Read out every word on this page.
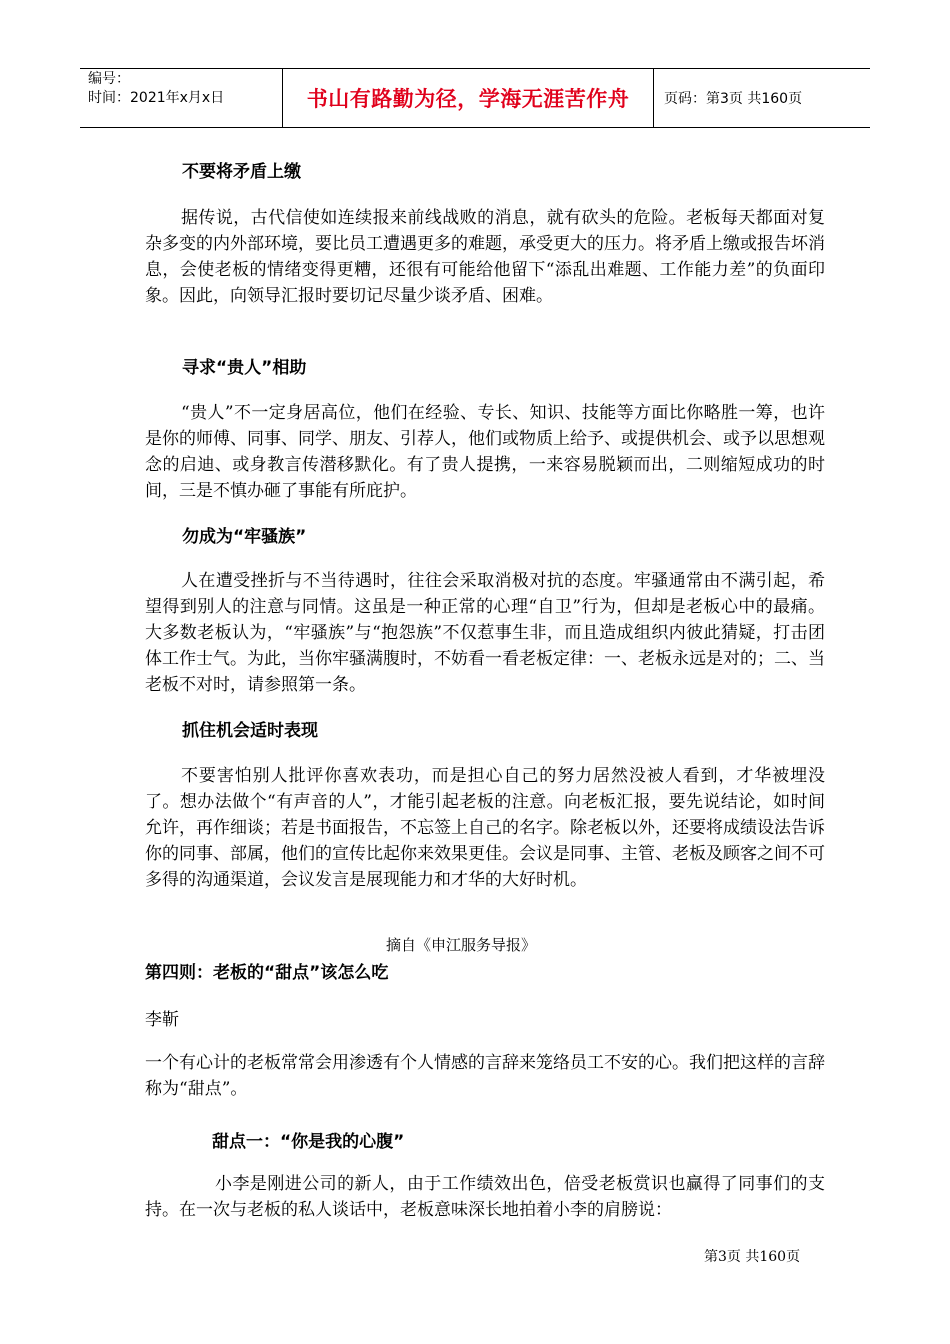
编号：
时间：2021年x月x日	书山有路勤为径，学海无涯苦作舟	页码：第3页 共160页
不要将矛盾上缴
据传说，古代信使如连续报来前线战败的消息，就有砍头的危险。老板每天都面对复杂多变的内外部环境，要比员工遭遇更多的难题，承受更大的压力。将矛盾上缴或报告坏消息，会使老板的情绪变得更糟，还很有可能给他留下“添乱出难题、工作能力差”的负面印象。因此，向领导汇报时要切记尽量少谈矛盾、困难。
寻求“贵人”相助
“贵人”不一定身居高位，他们在经验、专长、知识、技能等方面比你略胜一筹，也许是你的师傅、同事、同学、朋友、引荐人，他们或物质上给予、或提供机会、或予以思想观念的启迪、或身教言传潜移默化。有了贵人提携，一来容易脱颖而出，二则缩短成功的时间，三是不慎办砸了事能有所庇护。
勿成为“牢骚族”
人在遭受挫折与不当待遇时，往往会采取消极对抗的态度。牢骚通常由不满引起，希望得到别人的注意与同情。这虽是一种正常的心理“自卫”行为，但却是老板心中的最痛。大多数老板认为，“牢骚族”与“抱怨族”不仅惹事生非，而且造成组织内彼此猜疑，打击团体工作士气。为此，当你牢骚满腹时，不妨看一看老板定律：一、老板永远是对的；二、当老板不对时，请参照第一条。
抓住机会适时表现
不要害怕别人批评你喜欢表功，而是担心自己的努力居然没被人看到，才华被埋没了。想办法做个“有声音的人”，才能引起老板的注意。向老板汇报，要先说结论，如时间允许，再作细谈；若是书面报告，不忘签上自己的名字。除老板以外，还要将成绩设法告诉你的同事、部属，他们的宣传比起你来效果更佳。会议是同事、主管、老板及顾客之间不可多得的沟通渠道，会议发言是展现能力和才华的大好时机。
摘自《申江服务导报》
第四则：老板的“甜点”该怎么吃
李靳
一个有心计的老板常常会用渗透有个人情感的言辞来笼络员工不安的心。我们把这样的言辞称为“甜点”。
甜点一：“你是我的心腹”
小李是刚进公司的新人，由于工作绩效出色，倍受老板赏识也赢得了同事们的支持。在一次与老板的私人谈话中，老板意味深长地拍着小李的肩膀说：
第3页 共160页
